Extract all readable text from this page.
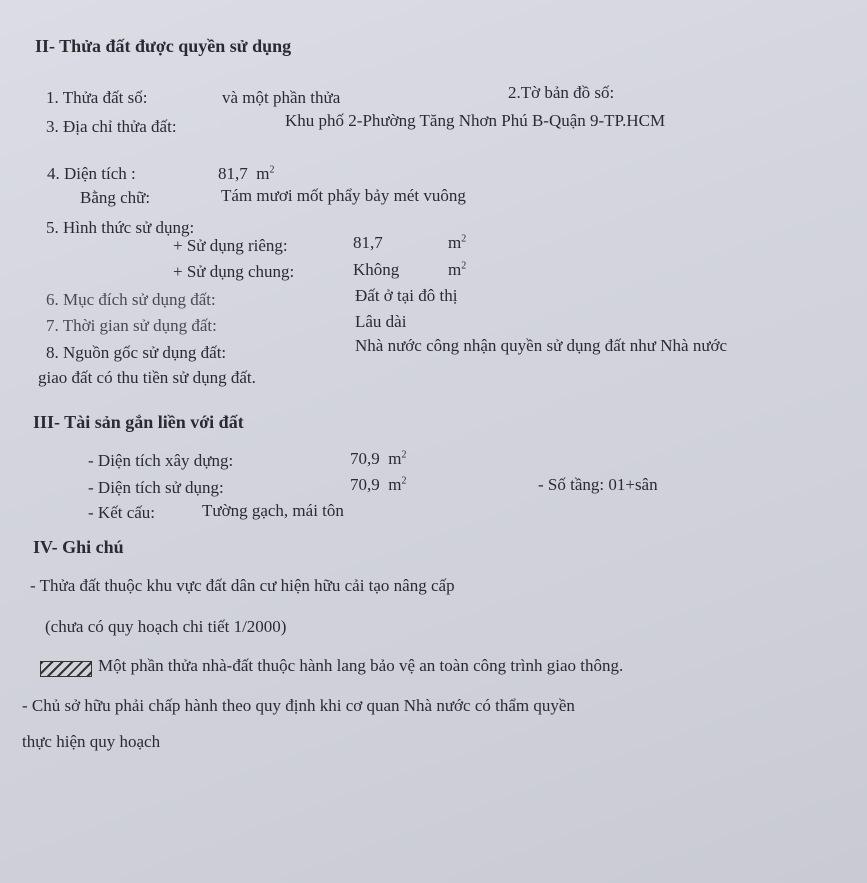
II- Thửa đất được quyền sử dụng
1. Thửa đất số:	và một phần thửa	2.Tờ bản đồ số:
3. Địa chỉ thửa đất:	Khu phố 2-Phường Tăng Nhơn Phú B-Quận 9-TP.HCM
4. Diện tích :	81,7 $m^2$
Bằng chữ:	Tám mươi mốt phẩy bảy mét vuông
5. Hình thức sử dụng:
+ Sử dụng riêng:	81,7	$m^2$
+ Sử dụng chung:	Không	$m^2$
6. Mục đích sử dụng đất:	Đất ở tại đô thị
7. Thời gian sử dụng đất:	Lâu dài
8. Nguồn gốc sử dụng đất:	Nhà nước công nhận quyền sử dụng đất như Nhà nước
giao đất có thu tiền sử dụng đất.
III- Tài sản gắn liền với đất
- Diện tích xây dựng:	70,9 $m^2$
- Diện tích sử dụng:	70,9 $m^2$	- Số tầng: 01+sân
- Kết cấu:	Tường gạch, mái tôn
IV- Ghi chú
- Thửa đất thuộc khu vực đất dân cư hiện hữu cải tạo nâng cấp
(chưa có quy hoạch chi tiết 1/2000)
Một phần thửa nhà-đất thuộc hành lang bảo vệ an toàn công trình giao thông.
- Chủ sở hữu phải chấp hành theo quy định khi cơ quan Nhà nước có thẩm quyền
thực hiện quy hoạch
